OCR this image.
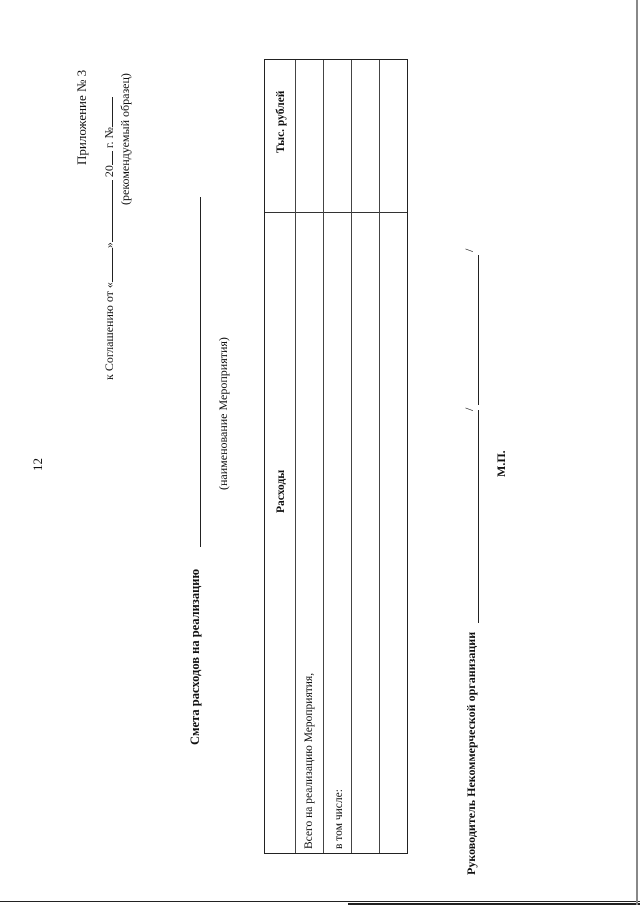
12
Приложение № 3
к Соглашению от «» 20 г. № (рекомендуемый образец)
Смета расходов на реализацию
(наименование Мероприятия)
Расходы
Тыс. рублей
Всего на реализацию Мероприятия, в том числе:	Руководитель Некоммерческой организации
/
/
М.П.
